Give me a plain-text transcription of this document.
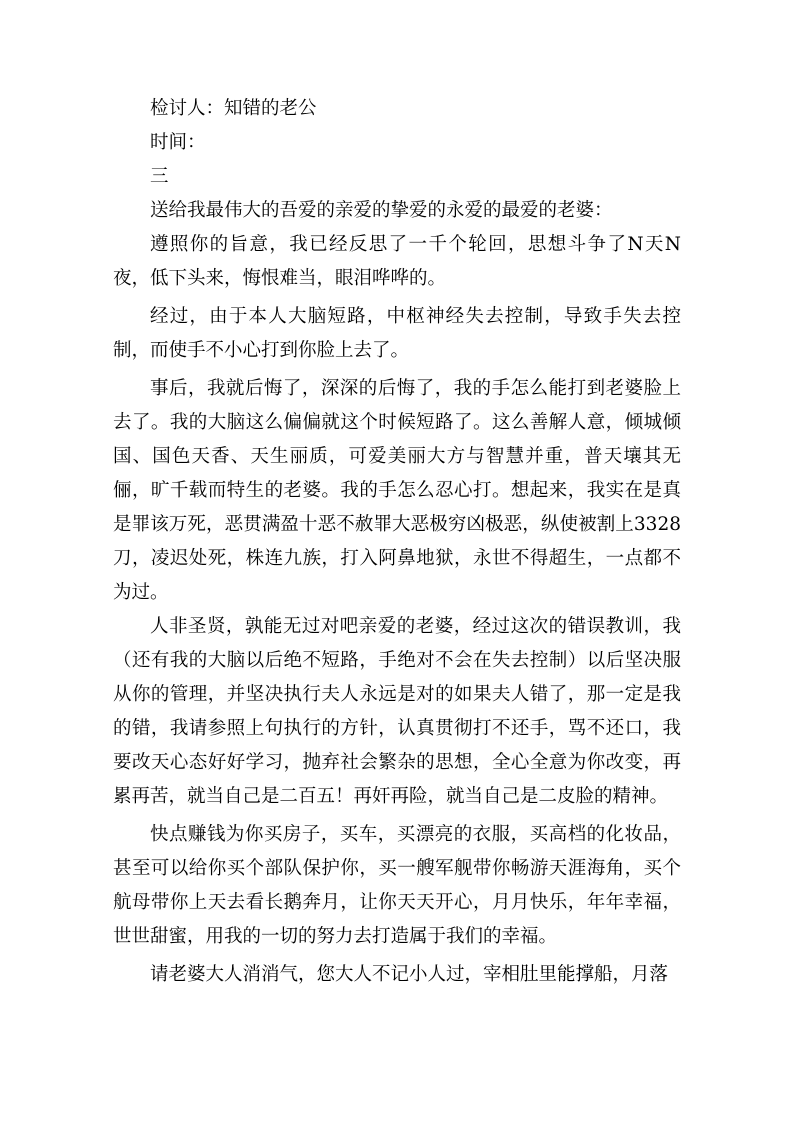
检讨人：知错的老公

时间：

三

送给我最伟大的吾爱的亲爱的挚爱的永爱的最爱的老婆：

遵照你的旨意，我已经反思了一千个轮回，思想斗争了N天N夜，低下头来，悔恨难当，眼泪哗哗的。

经过，由于本人大脑短路，中枢神经失去控制，导致手失去控制，而使手不小心打到你脸上去了。

事后，我就后悔了，深深的后悔了，我的手怎么能打到老婆脸上去了。我的大脑这么偏偏就这个时候短路了。这么善解人意，倾城倾国、国色天香、天生丽质，可爱美丽大方与智慧并重，普天壤其无俪，旷千载而特生的老婆。我的手怎么忍心打。想起来，我实在是真是罪该万死，恶贯满盈十恶不赦罪大恶极穷凶极恶，纵使被割上3328刀，凌迟处死，株连九族，打入阿鼻地狱，永世不得超生，一点都不为过。

人非圣贤，孰能无过对吧亲爱的老婆，经过这次的错误教训，我（还有我的大脑以后绝不短路，手绝对不会在失去控制）以后坚决服从你的管理，并坚决执行夫人永远是对的如果夫人错了，那一定是我的错，我请参照上句执行的方针，认真贯彻打不还手，骂不还口，我要改天心态好好学习，抛弃社会繁杂的思想，全心全意为你改变，再累再苦，就当自己是二百五！再奸再险，就当自己是二皮脸的精神。

快点赚钱为你买房子，买车，买漂亮的衣服，买高档的化妆品，甚至可以给你买个部队保护你，买一艘军舰带你畅游天涯海角，买个航母带你上天去看长鹅奔月，让你天天开心，月月快乐，年年幸福，世世甜蜜，用我的一切的努力去打造属于我们的幸福。

请老婆大人消消气，您大人不记小人过，宰相肚里能撑船，月落
